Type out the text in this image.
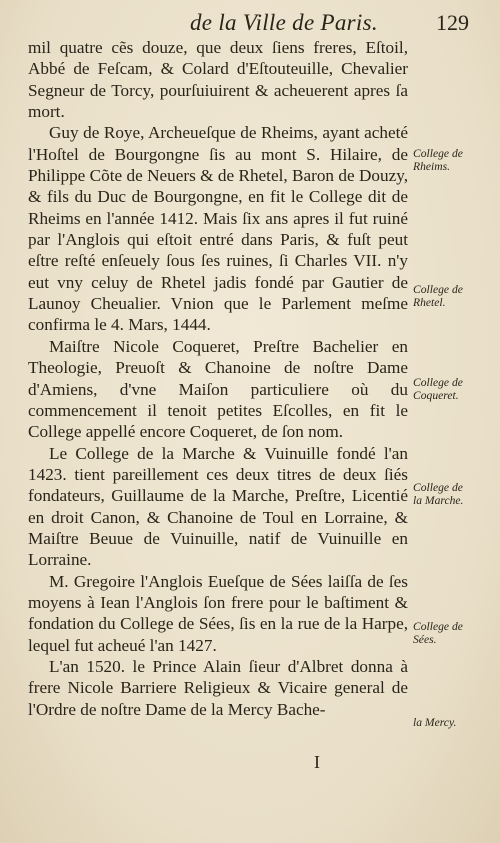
de la Ville de Paris.	129

mil quatre cẽs douze, que deux ſiens freres, Eſtoil, Abbé de Feſcam, & Colard d'Eſtouteuille, Chevalier Segneur de Torcy, pourſuiuirent & acheuerent apres ſa mort.

Guy de Roye, Archeueſque de Rheims, ayant acheté l'Hoſtel de Bourgongne ſis au mont S. Hilaire, de Philippe Cõte de Neuers & de Rhetel, Baron de Douzy, & fils du Duc de Bourgongne, en fit le College dit de Rheims en l'année 1412. Mais ſix ans apres il fut ruiné par l'Anglois qui eſtoit entré dans Paris, & fuſt peut eſtre reſté enſeuely ſous ſes ruines, ſi Charles VII. n'y eut vny celuy de Rhetel jadis fondé par Gautier de Launoy Cheualier. Vnion que le Parlement meſme confirma le 4. Mars, 1444.

Maiſtre Nicole Coqueret, Preſtre Bachelier en Theologie, Preuoſt & Chanoine de noſtre Dame d'Amiens, d'vne Maiſon particuliere où du commencement il tenoit petites Eſcolles, en fit le College appellé encore Coqueret, de ſon nom.

Le College de la Marche & Vuinuille fondé l'an 1423. tient pareillement ces deux titres de deux ſiés fondateurs, Guillaume de la Marche, Preſtre, Licentié en droit Canon, & Chanoine de Toul en Lorraine, & Maiſtre Beuue de Vuinuille, natif de Vuinuille en Lorraine.

M. Gregoire l'Anglois Eueſque de Sées laiſſa de ſes moyens à Iean l'Anglois ſon frere pour le baſtiment & fondation du College de Sées, ſis en la rue de la Harpe, lequel fut acheué l'an 1427.

L'an 1520. le Prince Alain ſieur d'Albret donna à frere Nicole Barriere Religieux & Vicaire general de l'Ordre de noſtre Dame de la Mercy Bache-

College de
Rheims.
College de
Rhetel.
College de
Coqueret.
College de
la Marche.
College de
Sées.
la Mercy.
I
